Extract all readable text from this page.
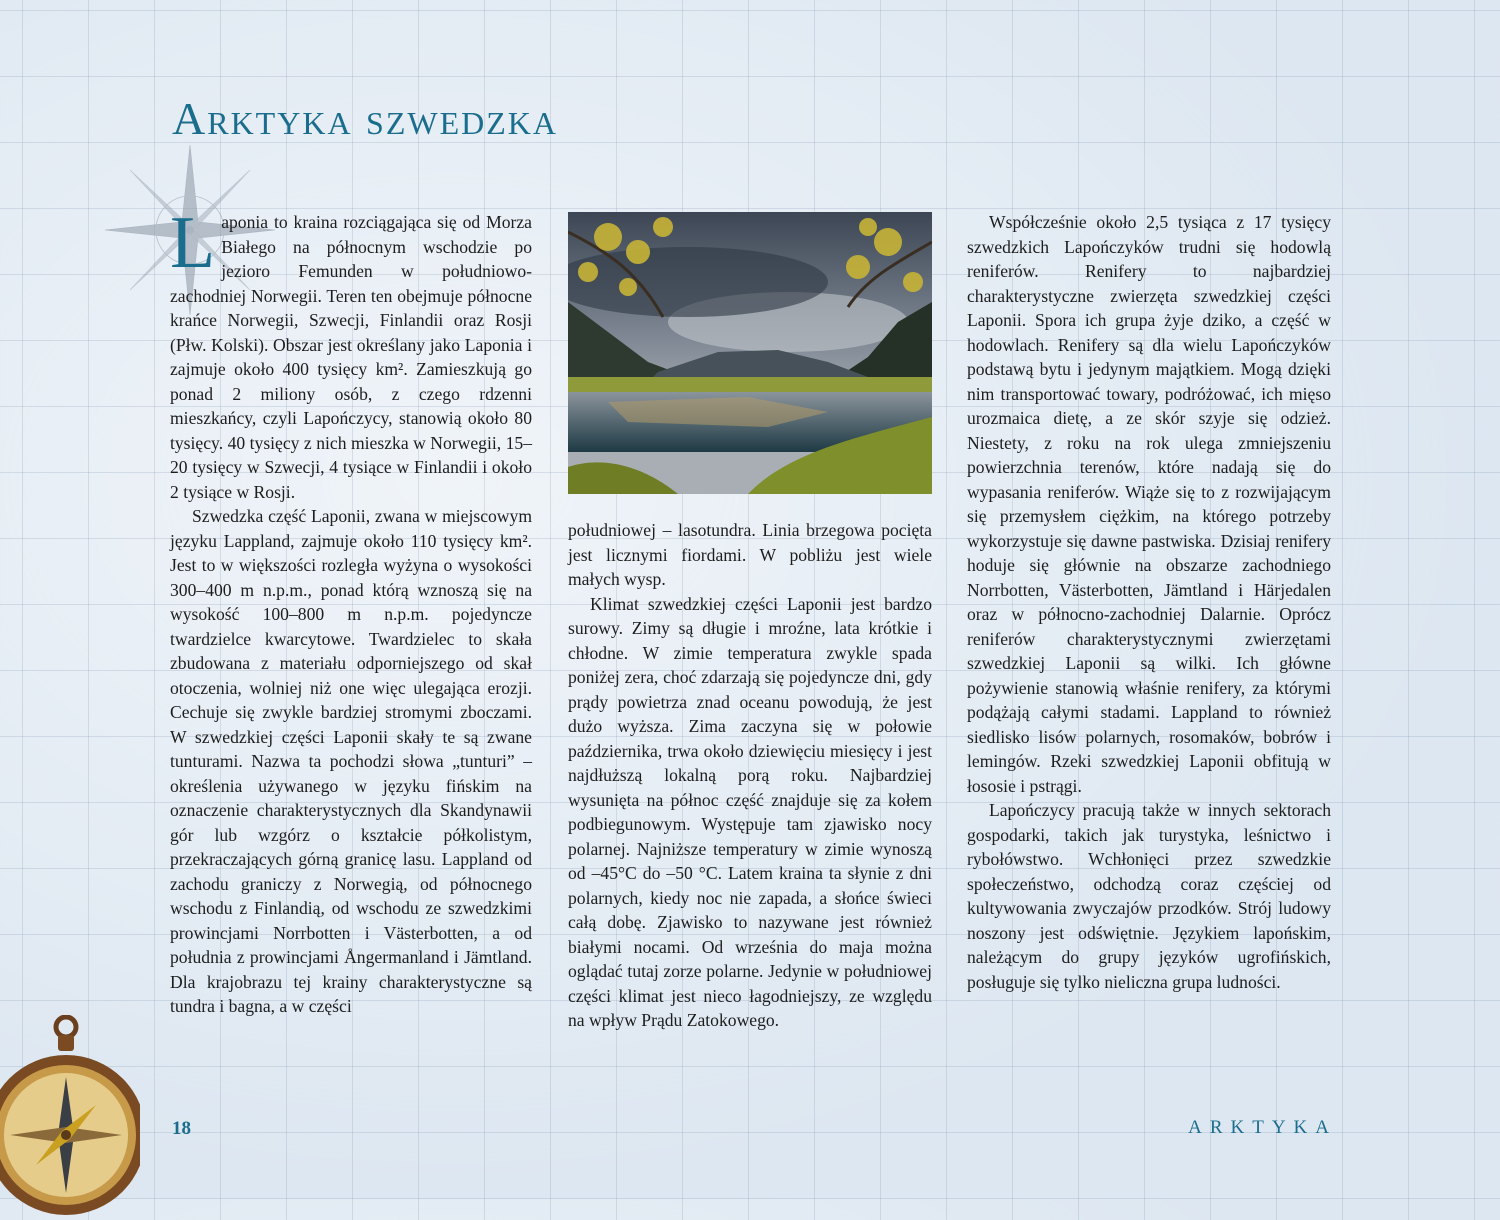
Arktyka szwedzka

Laponia to kraina rozciągająca się od Morza Białego na północnym wschodzie po jezioro Femunden w południowo-zachodniej Norwegii. Teren ten obejmuje północne krańce Norwegii, Szwecji, Finlandii oraz Rosji (Płw. Kolski). Obszar jest określany jako Laponia i zajmuje około 400 tysięcy km². Zamieszkują go ponad 2 miliony osób, z czego rdzenni mieszkańcy, czyli Lapończycy, stanowią około 80 tysięcy. 40 tysięcy z nich mieszka w Norwegii, 15–20 tysięcy w Szwecji, 4 tysiące w Finlandii i około 2 tysiące w Rosji.

Szwedzka część Laponii, zwana w miejscowym języku Lappland, zajmuje około 110 tysięcy km². Jest to w większości rozległa wyżyna o wysokości 300–400 m n.p.m., ponad którą wznoszą się na wysokość 100–800 m n.p.m. pojedyncze twardzielce kwarcytowe. Twardzielec to skała zbudowana z materiału odporniejszego od skał otoczenia, wolniej niż one więc ulegająca erozji. Cechuje się zwykle bardziej stromymi zboczami. W szwedzkiej części Laponii skały te są zwane tunturami. Nazwa ta pochodzi słowa „tunturi” – określenia używanego w języku fińskim na oznaczenie charakterystycznych dla Skandynawii gór lub wzgórz o kształcie półkolistym, przekraczających górną granicę lasu. Lappland od zachodu graniczy z Norwegią, od północnego wschodu z Finlandią, od wschodu ze szwedzkimi prowincjami Norrbotten i Västerbotten, a od południa z prowincjami Ångermanland i Jämtland. Dla krajobrazu tej krainy charakterystyczne są tundra i bagna, a w części

południowej – lasotundra. Linia brzegowa pocięta jest licznymi fiordami. W pobliżu jest wiele małych wysp.

Klimat szwedzkiej części Laponii jest bardzo surowy. Zimy są długie i mroźne, lata krótkie i chłodne. W zimie temperatura zwykle spada poniżej zera, choć zdarzają się pojedyncze dni, gdy prądy powietrza znad oceanu powodują, że jest dużo wyższa. Zima zaczyna się w połowie października, trwa około dziewięciu miesięcy i jest najdłuższą lokalną porą roku. Najbardziej wysunięta na północ część znajduje się za kołem podbiegunowym. Występuje tam zjawisko nocy polarnej. Najniższe temperatury w zimie wynoszą od –45°C do –50 °C. Latem kraina ta słynie z dni polarnych, kiedy noc nie zapada, a słońce świeci całą dobę. Zjawisko to nazywane jest również białymi nocami. Od września do maja można oglądać tutaj zorze polarne. Jedynie w południowej części klimat jest nieco łagodniejszy, ze względu na wpływ Prądu Zatokowego.

Współcześnie około 2,5 tysiąca z 17 tysięcy szwedzkich Lapończyków trudni się hodowlą reniferów. Renifery to najbardziej charakterystyczne zwierzęta szwedzkiej części Laponii. Spora ich grupa żyje dziko, a część w hodowlach. Renifery są dla wielu Lapończyków podstawą bytu i jedynym majątkiem. Mogą dzięki nim transportować towary, podróżować, ich mięso urozmaica dietę, a ze skór szyje się odzież. Niestety, z roku na rok ulega zmniejszeniu powierzchnia terenów, które nadają się do wypasania reniferów. Wiąże się to z rozwijającym się przemysłem ciężkim, na którego potrzeby wykorzystuje się dawne pastwiska. Dzisiaj renifery hoduje się głównie na obszarze zachodniego Norrbotten, Västerbotten, Jämtland i Härjedalen oraz w północno-zachodniej Dalarnie. Oprócz reniferów charakterystycznymi zwierzętami szwedzkiej Laponii są wilki. Ich główne pożywienie stanowią właśnie renifery, za którymi podążają całymi stadami. Lappland to również siedlisko lisów polarnych, rosomaków, bobrów i lemingów. Rzeki szwedzkiej Laponii obfitują w łososie i pstrągi.

Lapończycy pracują także w innych sektorach gospodarki, takich jak turystyka, leśnictwo i rybołówstwo. Wchłonięci przez szwedzkie społeczeństwo, odchodzą coraz częściej od kultywowania zwyczajów przodków. Strój ludowy noszony jest odświętnie. Językiem lapońskim, należącym do grupy języków ugrofińskich, posługuje się tylko nieliczna grupa ludności.

18	ARKTYKA
